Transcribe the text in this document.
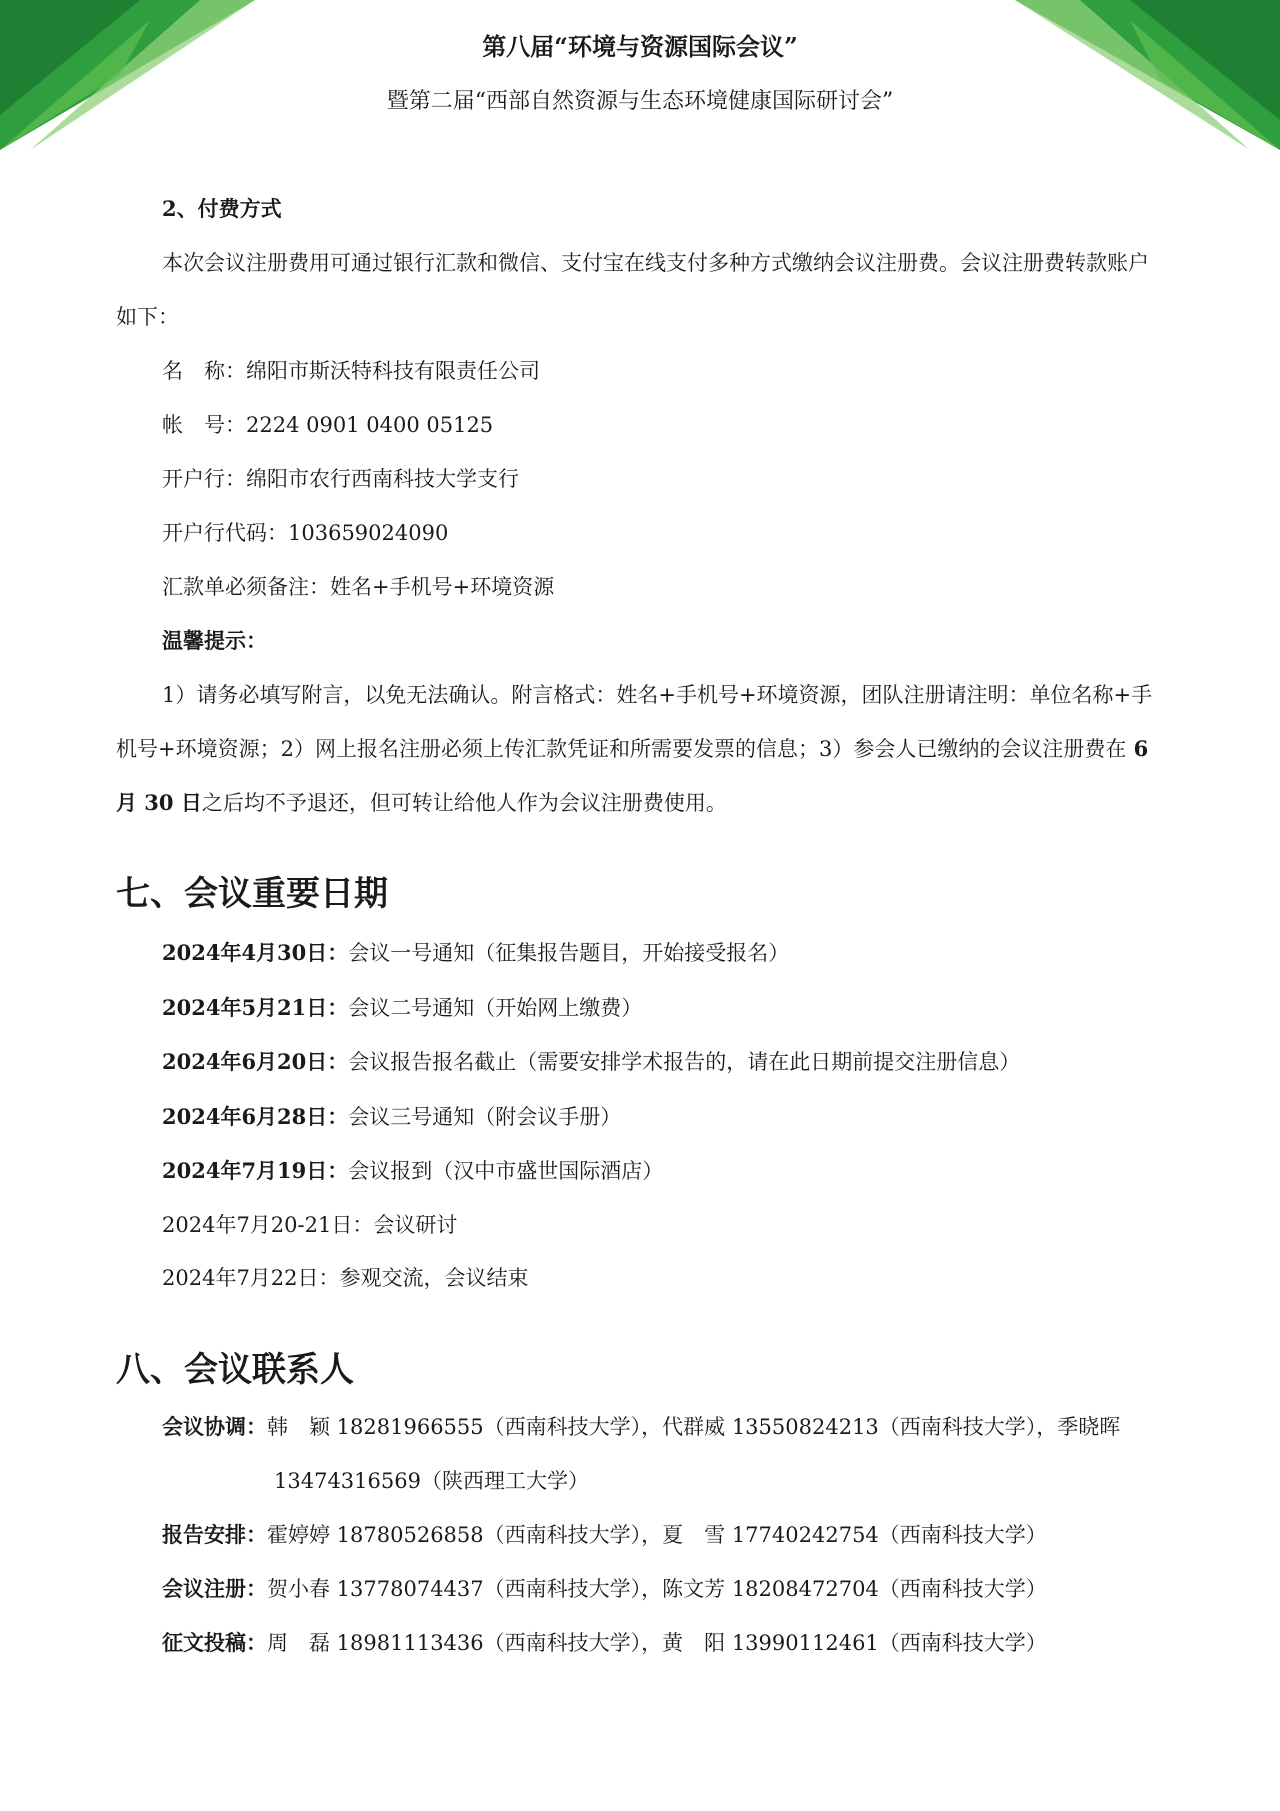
第八届“环境与资源国际会议”
暨第二届“西部自然资源与生态环境健康国际研讨会”
2、付费方式

本次会议注册费用可通过银行汇款和微信、支付宝在线支付多种方式缴纳会议注册费。会议注册费转款账户如下：

名　称：绵阳市斯沃特科技有限责任公司
帐　号：2224 0901 0400 05125
开户行：绵阳市农行西南科技大学支行
开户行代码：103659024090
汇款单必须备注：姓名+手机号+环境资源
温馨提示：

1）请务必填写附言，以免无法确认。附言格式：姓名+手机号+环境资源，团队注册请注明：单位名称+手机号+环境资源；2）网上报名注册必须上传汇款凭证和所需要发票的信息；3）参会人已缴纳的会议注册费在 6 月 30 日之后均不予退还，但可转让给他人作为会议注册费使用。

七、会议重要日期
2024年4月30日：会议一号通知（征集报告题目，开始接受报名）
2024年5月21日：会议二号通知（开始网上缴费）
2024年6月20日：会议报告报名截止（需要安排学术报告的，请在此日期前提交注册信息）
2024年6月28日：会议三号通知（附会议手册）
2024年7月19日：会议报到（汉中市盛世国际酒店）
2024年7月20-21日：会议研讨
2024年7月22日：参观交流，会议结束
八、会议联系人
会议协调：韩　颖 18281966555（西南科技大学），代群威 13550824213（西南科技大学），季晓晖
13474316569（陕西理工大学）
报告安排：霍婷婷 18780526858（西南科技大学），夏　雪 17740242754（西南科技大学）
会议注册：贺小春 13778074437（西南科技大学），陈文芳 18208472704（西南科技大学）
征文投稿：周　磊 18981113436（西南科技大学），黄　阳 13990112461（西南科技大学）
